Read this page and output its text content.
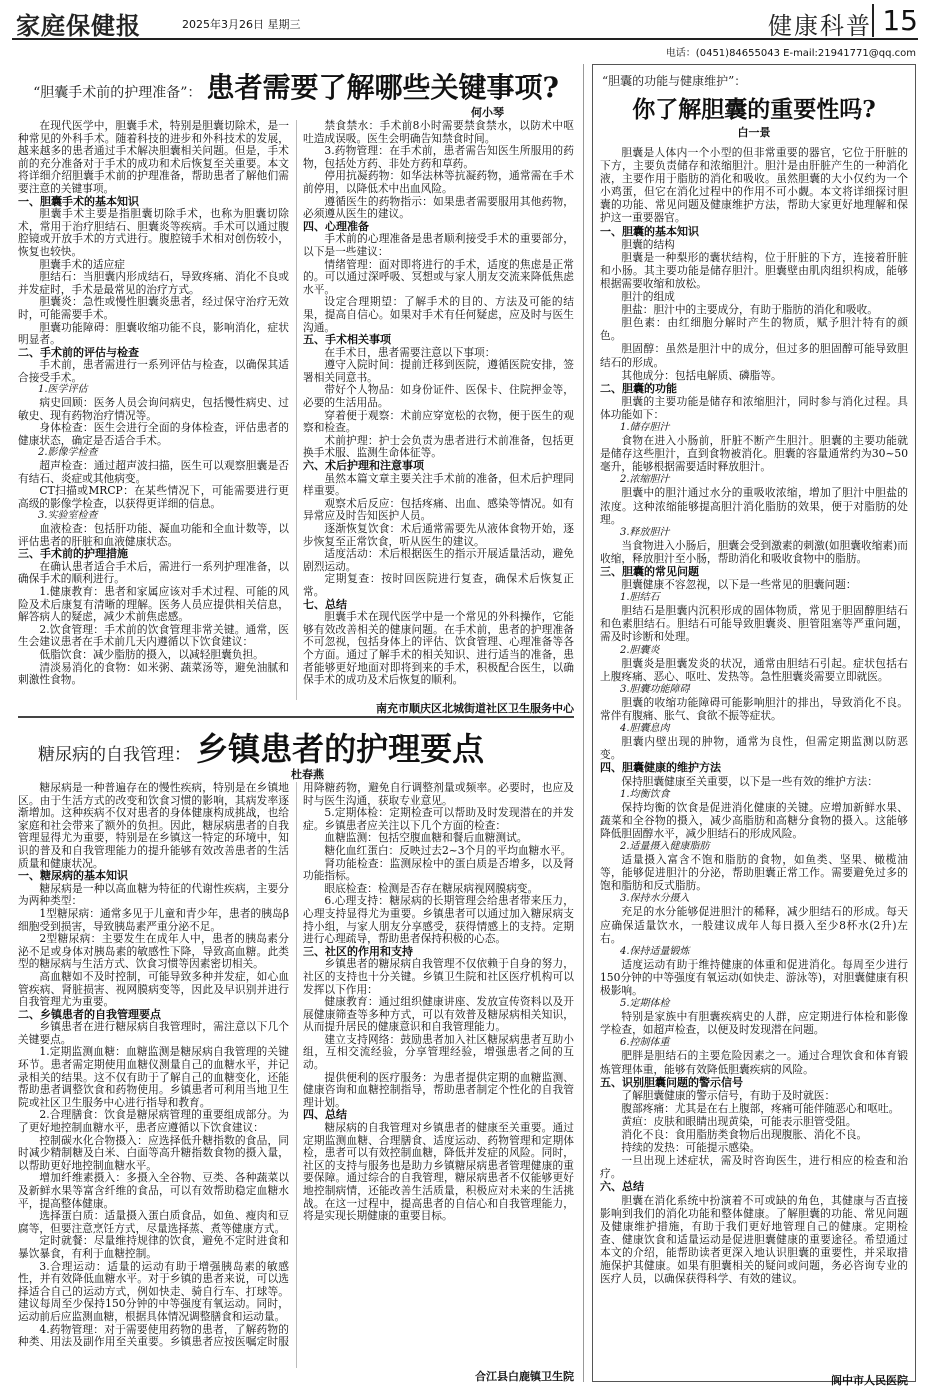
家庭保健报	2025年3月26日 星期三	健康科普 15
电话：(0451)84655043 E-mail:21941771@qq.com
“胆囊手术前的护理准备”： 患者需要了解哪些关键事项?
何小琴

在现代医学中，胆囊手术，特别是胆囊切除术，是一种常见的外科手术。随着科技的进步和外科技术的发展，越来越多的患者通过手术解决胆囊相关问题。但是，手术前的充分准备对于手术的成功和术后恢复至关重要。本文将详细介绍胆囊手术前的护理准备，帮助患者了解他们需要注意的关键事项。

一、胆囊手术的基本知识

胆囊手术主要是指胆囊切除手术，也称为胆囊切除术，常用于治疗胆结石、胆囊炎等疾病。手术可以通过腹腔镜或开放手术的方式进行。腹腔镜手术相对创伤较小，恢复也较快。

胆囊手术的适应症

胆结石：当胆囊内形成结石，导致疼痛、消化不良或并发症时，手术是最常见的治疗方式。

胆囊炎：急性或慢性胆囊炎患者，经过保守治疗无效时，可能需要手术。

胆囊功能障碍：胆囊收缩功能不良，影响消化，症状明显者。

二、手术前的评估与检查

手术前，患者需进行一系列评估与检查，以确保其适合接受手术。

1.医学评估

病史回顾：医务人员会询问病史，包括慢性病史、过敏史、现有药物治疗情况等。

身体检查：医生会进行全面的身体检查，评估患者的健康状态，确定是否适合手术。

2.影像学检查

超声检查：通过超声波扫描，医生可以观察胆囊是否有结石、炎症或其他病变。

CT扫描或MRCP：在某些情况下，可能需要进行更高级的影像学检查，以获得更详细的信息。

3.实验室检查

血液检查：包括肝功能、凝血功能和全血计数等，以评估患者的肝脏和血液健康状态。

三、手术前的护理措施

在确认患者适合手术后，需进行一系列护理准备，以确保手术的顺利进行。

1.健康教育：患者和家属应该对手术过程、可能的风险及术后康复有清晰的理解。医务人员应提供相关信息，解答病人的疑虑，减少术前焦虑感。

2.饮食管理：手术前的饮食管理非常关键。通常，医生会建议患者在手术前几天内遵循以下饮食建议：

低脂饮食：减少脂肪的摄入，以减轻胆囊负担。

清淡易消化的食物：如米粥、蔬菜汤等，避免油腻和刺激性食物。

禁食禁水：手术前8小时需要禁食禁水，以防术中呕吐造成误吸。医生会明确告知禁食时间。

3.药物管理：在手术前，患者需告知医生所服用的药物，包括处方药、非处方药和草药。

停用抗凝药物：如华法林等抗凝药物，通常需在手术前停用，以降低术中出血风险。

遵循医生的药物指示：如果患者需要服用其他药物，必须遵从医生的建议。

四、心理准备

手术前的心理准备是患者顺利接受手术的重要部分，以下是一些建议：

情绪管理：面对即将进行的手术，适度的焦虑是正常的。可以通过深呼吸、冥想或与家人朋友交流来降低焦虑水平。

设定合理期望：了解手术的目的、方法及可能的结果，提高自信心。如果对手术有任何疑虑，应及时与医生沟通。

五、手术相关事项

在手术日，患者需要注意以下事项：

遵守入院时间：提前迁移到医院，遵循医院安排，签署相关同意书。

带好个人物品：如身份证件、医保卡、住院押金等，必要的生活用品。

穿着便于观察：术前应穿宽松的衣物，便于医生的观察和检查。

术前护理：护士会负责为患者进行术前准备，包括更换手术服、监测生命体征等。

六、术后护理和注意事项

虽然本篇文章主要关注手术前的准备，但术后护理同样重要。

观察术后反应：包括疼痛、出血、感染等情况。如有异常应及时告知医护人员。

逐渐恢复饮食：术后通常需要先从液体食物开始，逐步恢复至正常饮食，听从医生的建议。

适度活动：术后根据医生的指示开展适量活动，避免剧烈运动。

定期复查：按时回医院进行复查，确保术后恢复正常。

七、总结

胆囊手术在现代医学中是一个常见的外科操作，它能够有效改善相关的健康问题。在手术前，患者的护理准备不可忽视，包括身体上的评估、饮食管理、心理准备等各个方面。通过了解手术的相关知识、进行适当的准备，患者能够更好地面对即将到来的手术，积极配合医生，以确保手术的成功及术后恢复的顺利。

南充市顺庆区北城街道社区卫生服务中心
糖尿病的自我管理： 乡镇患者的护理要点
杜春燕

糖尿病是一种普遍存在的慢性疾病，特别是在乡镇地区。由于生活方式的改变和饮食习惯的影响，其病发率逐渐增加。这种疾病不仅对患者的身体健康构成挑战，也给家庭和社会带来了额外的负担。因此，糖尿病患者的自我管理显得尤为重要，特别是在乡镇这一特定的环境中，知识的普及和自我管理能力的提升能够有效改善患者的生活质量和健康状况。

一、糖尿病的基本知识

糖尿病是一种以高血糖为特征的代谢性疾病，主要分为两种类型：

1型糖尿病：通常多见于儿童和青少年，患者的胰岛β细胞受到损害，导致胰岛素严重分泌不足。

2型糖尿病：主要发生在成年人中，患者的胰岛素分泌不足或身体对胰岛素的敏感性下降，导致高血糖。此类型的糖尿病与生活方式、饮食习惯等因素密切相关。

高血糖如不及时控制，可能导致多种并发症，如心血管疾病、肾脏损害、视网膜病变等，因此及早识别并进行自我管理尤为重要。

二、乡镇患者的自我管理要点

乡镇患者在进行糖尿病自我管理时，需注意以下几个关键要点。

1.定期监测血糖：血糖监测是糖尿病自我管理的关键环节。患者需定期使用血糖仪测量自己的血糖水平，并记录相关的结果。这不仅有助于了解自己的血糖变化，还能帮助患者调整饮食和药物使用。乡镇患者可利用当地卫生院或社区卫生服务中心进行指导和教育。

2.合理膳食：饮食是糖尿病管理的重要组成部分。为了更好地控制血糖水平，患者应遵循以下饮食建议：

控制碳水化合物摄入：应选择低升糖指数的食品，同时减少精制糖及白米、白面等高升糖指数食物的摄入量，以帮助更好地控制血糖水平。

增加纤维素摄入：多摄入全谷物、豆类、各种蔬菜以及新鲜水果等富含纤维的食品，可以有效帮助稳定血糖水平，提高整体健康。

选择蛋白质：适量摄入蛋白质食品，如鱼、瘦肉和豆腐等，但要注意烹饪方式，尽量选择蒸、煮等健康方式。

定时就餐：尽量维持规律的饮食，避免不定时进食和暴饮暴食，有利于血糖控制。

3.合理运动：适量的运动有助于增强胰岛素的敏感性，并有效降低血糖水平。对于乡镇的患者来说，可以选择适合自己的运动方式，例如快走、骑自行车、打球等。建议每周至少保持150分钟的中等强度有氧运动。同时，运动前后应监测血糖，根据具体情况调整膳食和运动量。

4.药物管理：对于需要使用药物的患者，了解药物的种类、用法及副作用至关重要。乡镇患者应按医嘱定时服用降糖药物，避免自行调整剂量或频率。必要时，也应及时与医生沟通，获取专业意见。

5.定期体检：定期检查可以帮助及时发现潜在的并发症。乡镇患者应关注以下几个方面的检查：

血糖监测：包括空腹血糖和餐后血糖测试。

糖化血红蛋白：反映过去2~3个月的平均血糖水平。

肾功能检查：监测尿检中的蛋白质是否增多，以及肾功能指标。

眼底检查：检测是否存在糖尿病视网膜病变。

6.心理支持：糖尿病的长期管理会给患者带来压力，心理支持显得尤为重要。乡镇患者可以通过加入糖尿病支持小组，与家人朋友分享感受，获得情感上的支持。定期进行心理疏导，帮助患者保持积极的心态。

三、社区的作用和支持

乡镇患者的糖尿病自我管理不仅依赖于自身的努力，社区的支持也十分关键。乡镇卫生院和社区医疗机构可以发挥以下作用：

健康教育：通过组织健康讲座、发放宣传资料以及开展健康筛查等多种方式，可以有效普及糖尿病相关知识，从而提升居民的健康意识和自我管理能力。

建立支持网络：鼓励患者加入社区糖尿病患者互助小组，互相交流经验，分享管理经验，增强患者之间的互动。

提供便利的医疗服务：为患者提供定期的血糖监测、健康咨询和血糖控制指导，帮助患者制定个性化的自我管理计划。

四、总结

糖尿病的自我管理对乡镇患者的健康至关重要。通过定期监测血糖、合理膳食、适度运动、药物管理和定期体检，患者可以有效控制血糖，降低并发症的风险。同时，社区的支持与服务也是助力乡镇糖尿病患者管理健康的重要保障。通过综合的自我管理，糖尿病患者不仅能够更好地控制病情，还能改善生活质量，积极应对未来的生活挑战。在这一过程中，提高患者的自信心和自我管理能力，将是实现长期健康的重要目标。

合江县白鹿镇卫生院
“胆囊的功能与健康维护”：
你了解胆囊的重要性吗?
白一景

胆囊是人体内一个小型的但非常重要的器官，它位于肝脏的下方，主要负责储存和浓缩胆汁。胆汁是由肝脏产生的一种消化液，主要作用于脂肪的消化和吸收。虽然胆囊的大小仅约为一个小鸡蛋，但它在消化过程中的作用不可小觑。本文将详细探讨胆囊的功能、常见问题及健康维护方法，帮助大家更好地理解和保护这一重要器官。

一、胆囊的基本知识

胆囊的结构

胆囊是一种梨形的囊状结构，位于肝脏的下方，连接着肝脏和小肠。其主要功能是储存胆汁。胆囊壁由肌肉组织构成，能够根据需要收缩和放松。

胆汁的组成

胆盐：胆汁中的主要成分，有助于脂肪的消化和吸收。

胆色素：由红细胞分解时产生的物质，赋予胆汁特有的颜色。

胆固醇：虽然是胆汁中的成分，但过多的胆固醇可能导致胆结石的形成。

其他成分：包括电解质、磷脂等。

二、胆囊的功能

胆囊的主要功能是储存和浓缩胆汁，同时参与消化过程。具体功能如下：

1.储存胆汁

食物在进入小肠前，肝脏不断产生胆汁。胆囊的主要功能就是储存这些胆汁，直到食物被消化。胆囊的容量通常约为30~50毫升，能够根据需要适时释放胆汁。

2.浓缩胆汁

胆囊中的胆汁通过水分的重吸收浓缩，增加了胆汁中胆盐的浓度。这种浓缩能够提高胆汁消化脂肪的效果，便于对脂肪的处理。

3.释放胆汁

当食物进入小肠后，胆囊会受到激素的刺激(如胆囊收缩素)而收缩，释放胆汁至小肠，帮助消化和吸收食物中的脂肪。

三、胆囊的常见问题

胆囊健康不容忽视，以下是一些常见的胆囊问题：

1.胆结石

胆结石是胆囊内沉积形成的固体物质，常见于胆固醇胆结石和色素胆结石。胆结石可能导致胆囊炎、胆管阻塞等严重问题，需及时诊断和处理。

2.胆囊炎

胆囊炎是胆囊发炎的状况，通常由胆结石引起。症状包括右上腹疼痛、恶心、呕吐、发热等。急性胆囊炎需要立即就医。

3.胆囊功能障碍

胆囊的收缩功能障碍可能影响胆汁的排出，导致消化不良。常伴有腹痛、胀气、食欲不振等症状。

4.胆囊息肉

胆囊内壁出现的肿物，通常为良性，但需定期监测以防恶变。

四、胆囊健康的维护方法

保持胆囊健康至关重要，以下是一些有效的维护方法：

1.均衡饮食

保持均衡的饮食是促进消化健康的关键。应增加新鲜水果、蔬菜和全谷物的摄入，减少高脂肪和高糖分食物的摄入。这能够降低胆固醇水平，减少胆结石的形成风险。

2.适量摄入健康脂肪

适量摄入富含不饱和脂肪的食物，如鱼类、坚果、橄榄油等，能够促进胆汁的分泌，帮助胆囊正常工作。需要避免过多的饱和脂肪和反式脂肪。

3.保持水分摄入

充足的水分能够促进胆汁的稀释，减少胆结石的形成。每天应确保适量饮水，一般建议成年人每日摄入至少8杯水(2升)左右。

4.保持适量锻炼

适度运动有助于维持健康的体重和促进消化。每周至少进行150分钟的中等强度有氧运动(如快走、游泳等)，对胆囊健康有积极影响。

5.定期体检

特别是家族中有胆囊疾病史的人群，应定期进行体检和影像学检查，如超声检查，以便及时发现潜在问题。

6.控制体重

肥胖是胆结石的主要危险因素之一。通过合理饮食和体育锻炼管理体重，能够有效降低胆囊疾病的风险。

五、识别胆囊问题的警示信号

了解胆囊健康的警示信号，有助于及时就医：

腹部疼痛：尤其是在右上腹部，疼痛可能伴随恶心和呕吐。

黄疸：皮肤和眼睛出现黄染，可能表示胆管受阻。

消化不良：食用脂肪类食物后出现腹胀、消化不良。

持续的发热：可能提示感染。

一旦出现上述症状，需及时咨询医生，进行相应的检查和治疗。

六、总结

胆囊在消化系统中扮演着不可或缺的角色，其健康与否直接影响到我们的消化功能和整体健康。了解胆囊的功能、常见问题及健康维护措施，有助于我们更好地管理自己的健康。定期检查、健康饮食和适量运动是促进胆囊健康的重要途径。希望通过本文的介绍，能帮助读者更深入地认识胆囊的重要性，并采取措施保护其健康。如果有胆囊相关的疑问或问题，务必咨询专业的医疗人员，以确保获得科学、有效的建议。

阆中市人民医院
